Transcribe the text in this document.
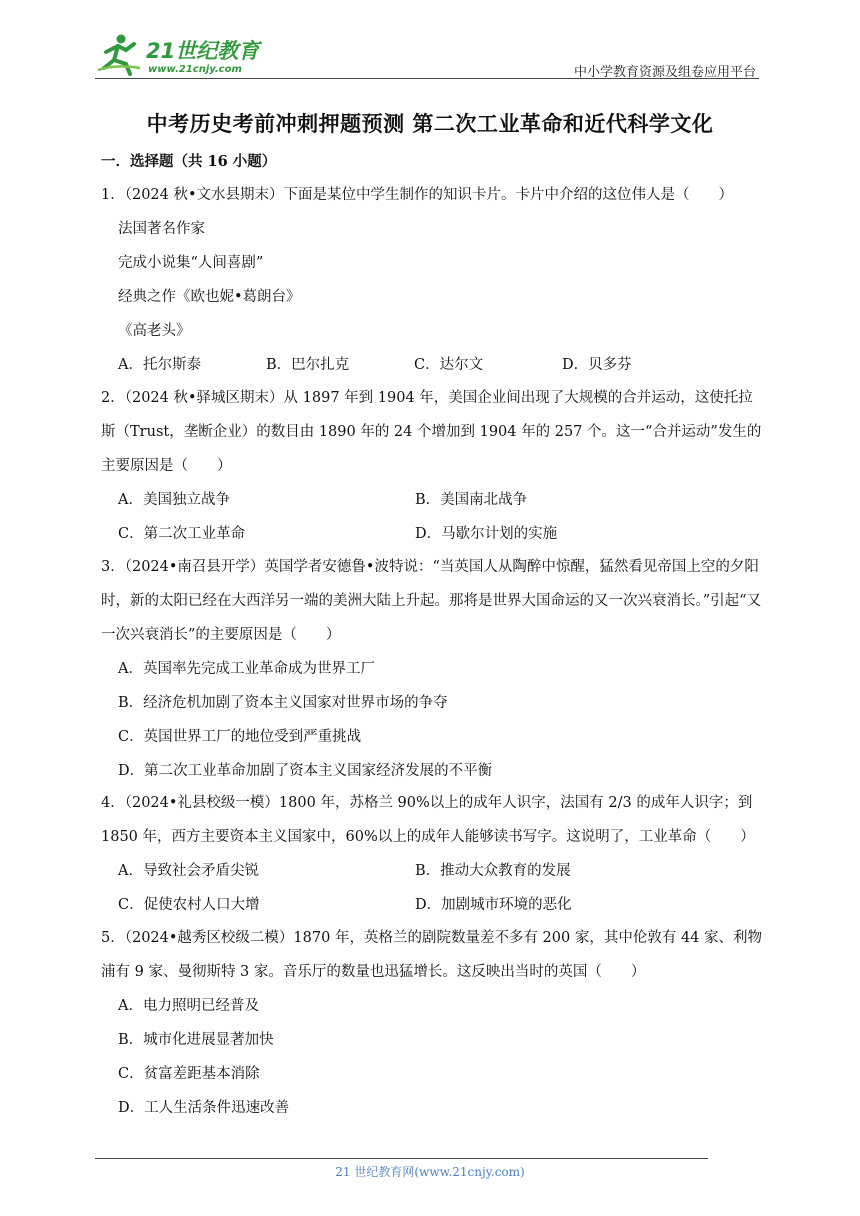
21世纪教育
www.21cnjy.com	中小学教育资源及组卷应用平台
中考历史考前冲刺押题预测 第二次工业革命和近代科学文化
一．选择题（共 16 小题）

1．（2024 秋•文水县期末）下面是某位中学生制作的知识卡片。卡片中介绍的这位伟人是（　　）

法国著名作家

完成小说集“人间喜剧”

经典之作《欧也妮•葛朗台》

《高老头》

A．托尔斯泰	B．巴尔扎克	C．达尔文	D．贝多芬

2．（2024 秋•驿城区期末）从 1897 年到 1904 年，美国企业间出现了大规模的合并运动，这使托拉斯（Trust，垄断企业）的数目由 1890 年的 24 个增加到 1904 年的 257 个。这一“合并运动”发生的主要原因是（　　）

A．美国独立战争	B．美国南北战争
C．第二次工业革命	D．马歇尔计划的实施

3．（2024•南召县开学）英国学者安德鲁•波特说：“当英国人从陶醉中惊醒，猛然看见帝国上空的夕阳时，新的太阳已经在大西洋另一端的美洲大陆上升起。那将是世界大国命运的又一次兴衰消长。”引起“又一次兴衰消长”的主要原因是（　　）

A．英国率先完成工业革命成为世界工厂
B．经济危机加剧了资本主义国家对世界市场的争夺
C．英国世界工厂的地位受到严重挑战
D．第二次工业革命加剧了资本主义国家经济发展的不平衡

4．（2024•礼县校级一模）1800 年，苏格兰 90%以上的成年人识字，法国有 2/3 的成年人识字；到 1850 年，西方主要资本主义国家中，60%以上的成年人能够读书写字。这说明了，工业革命（　　）

A．导致社会矛盾尖锐	B．推动大众教育的发展
C．促使农村人口大增	D．加剧城市环境的恶化

5．（2024•越秀区校级二模）1870 年，英格兰的剧院数量差不多有 200 家，其中伦敦有 44 家、利物浦有 9 家、曼彻斯特 3 家。音乐厅的数量也迅猛增长。这反映出当时的英国（　　）

A．电力照明已经普及
B．城市化进展显著加快
C．贫富差距基本消除
D．工人生活条件迅速改善
21 世纪教育网(www.21cnjy.com)
